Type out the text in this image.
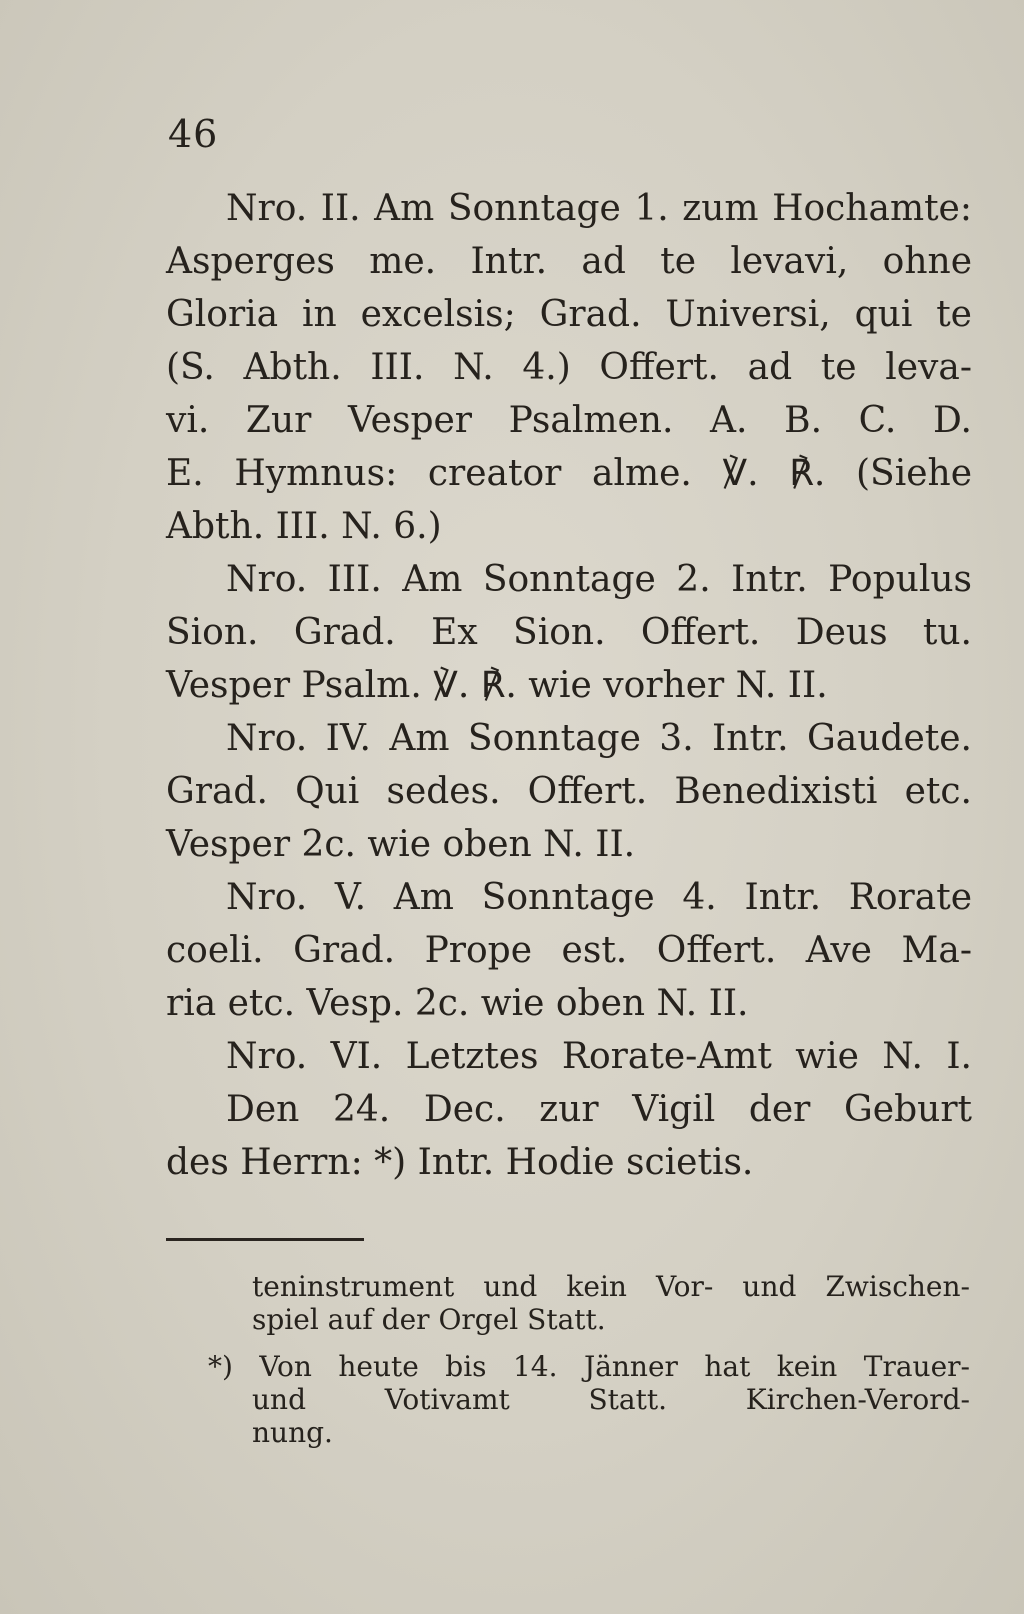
46
Nro. II. Am Sonntage 1. zum Hochamte:
Asperges me. Intr. ad te levavi, ohne
Gloria in excelsis; Grad. Universi, qui te
(S. Abth. III. N. 4.) Offert. ad te leva-
vi. Zur Vesper Psalmen. A. B. C. D.
E. Hymnus: creator alme. ℣. ℟. (Siehe
Abth. III. N. 6.)
Nro. III. Am Sonntage 2. Intr. Populus
Sion. Grad. Ex Sion. Offert. Deus tu.
Vesper Psalm. ℣. ℟. wie vorher N. II.
Nro. IV. Am Sonntage 3. Intr. Gaudete.
Grad. Qui sedes. Offert. Benedixisti etc.
Vesper 2c. wie oben N. II.
Nro. V. Am Sonntage 4. Intr. Rorate
coeli. Grad. Prope est. Offert. Ave Ma-
ria etc. Vesp. 2c. wie oben N. II.
Nro. VI. Letztes Rorate-Amt wie N. I.
Den 24. Dec. zur Vigil der Geburt
des Herrn: *) Intr. Hodie scietis.
teninstrument und kein Vor- und Zwischen-
spiel auf der Orgel Statt.
*) Von heute bis 14. Jänner hat kein Trauer-
und Votivamt Statt. Kirchen-Verord-
nung.
